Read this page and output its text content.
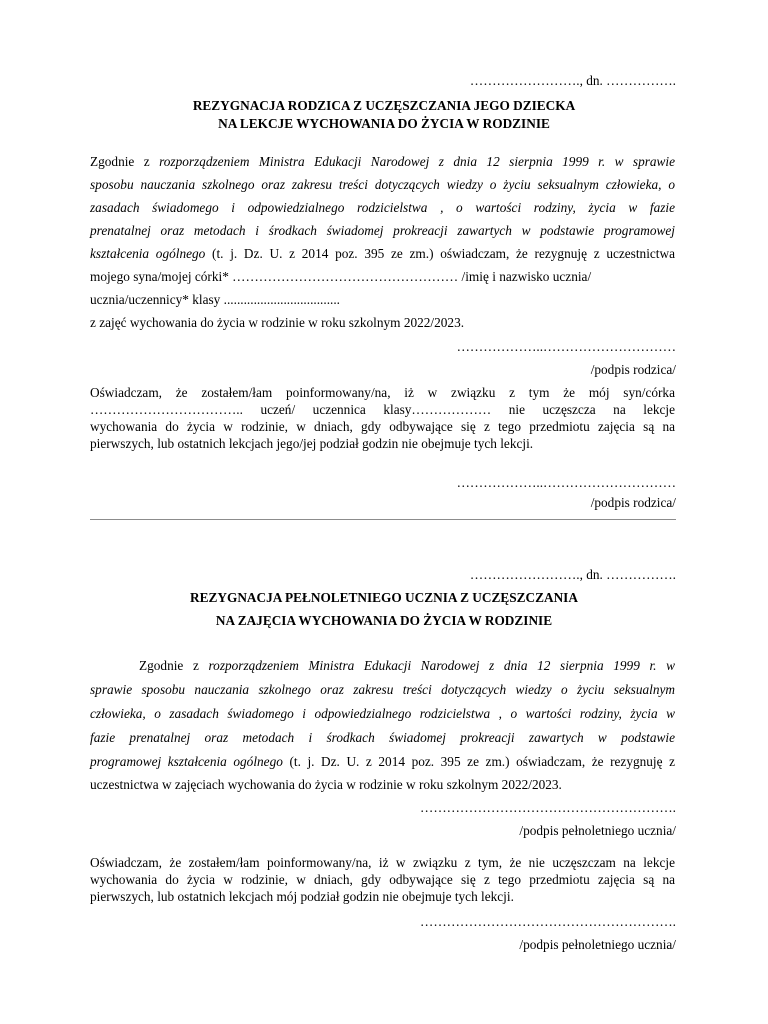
……………………., dn. …………….
REZYGNACJA RODZICA Z UCZĘSZCZANIA JEGO DZIECKA
NA LEKCJE WYCHOWANIA DO ŻYCIA W RODZINIE
Zgodnie z rozporządzeniem Ministra Edukacji Narodowej z dnia 12 sierpnia 1999 r. w sprawie
sposobu nauczania szkolnego oraz zakresu treści dotyczących wiedzy o życiu seksualnym człowieka, o
zasadach świadomego i odpowiedzialnego rodzicielstwa , o wartości rodziny, życia w fazie
prenatalnej oraz metodach i środkach świadomej prokreacji zawartych w podstawie programowej
kształcenia ogólnego (t. j. Dz. U. z 2014 poz. 395 ze zm.) oświadczam, że rezygnuję z uczestnictwa
mojego syna/mojej córki* …………………………………………… /imię i nazwisko ucznia/
ucznia/uczennicy* klasy ...................................
z zajęć wychowania do życia w rodzinie w roku szkolnym 2022/2023.
………………..…………………………
/podpis rodzica/
Oświadczam, że zostałem/łam poinformowany/na, iż w związku z tym że mój syn/córka
…………………………….. uczeń/ uczennica klasy……………… nie uczęszcza na lekcje
wychowania do życia w rodzinie, w dniach, gdy odbywające się z tego przedmiotu zajęcia są na
pierwszych, lub ostatnich lekcjach jego/jej podział godzin nie obejmuje tych lekcji.
………………..…………………………
/podpis rodzica/
……………………., dn. …………….
REZYGNACJA PEŁNOLETNIEGO UCZNIA Z UCZĘSZCZANIA
NA ZAJĘCIA WYCHOWANIA DO ŻYCIA W RODZINIE
Zgodnie z rozporządzeniem Ministra Edukacji Narodowej z dnia 12 sierpnia 1999 r. w
sprawie sposobu nauczania szkolnego oraz zakresu treści dotyczących wiedzy o życiu seksualnym
człowieka, o zasadach świadomego i odpowiedzialnego rodzicielstwa , o wartości rodziny, życia w
fazie prenatalnej oraz metodach i środkach świadomej prokreacji zawartych w podstawie
programowej kształcenia ogólnego (t. j. Dz. U. z 2014 poz. 395 ze zm.) oświadczam, że rezygnuję z
uczestnictwa w zajęciach wychowania do życia w rodzinie w roku szkolnym 2022/2023.
………………………………………………….
/podpis pełnoletniego ucznia/
Oświadczam, że zostałem/łam poinformowany/na, iż w związku z tym, że nie uczęszczam na lekcje
wychowania do życia w rodzinie, w dniach, gdy odbywające się z tego przedmiotu zajęcia są na
pierwszych, lub ostatnich lekcjach mój podział godzin nie obejmuje tych lekcji.
………………………………………………….
/podpis pełnoletniego ucznia/
